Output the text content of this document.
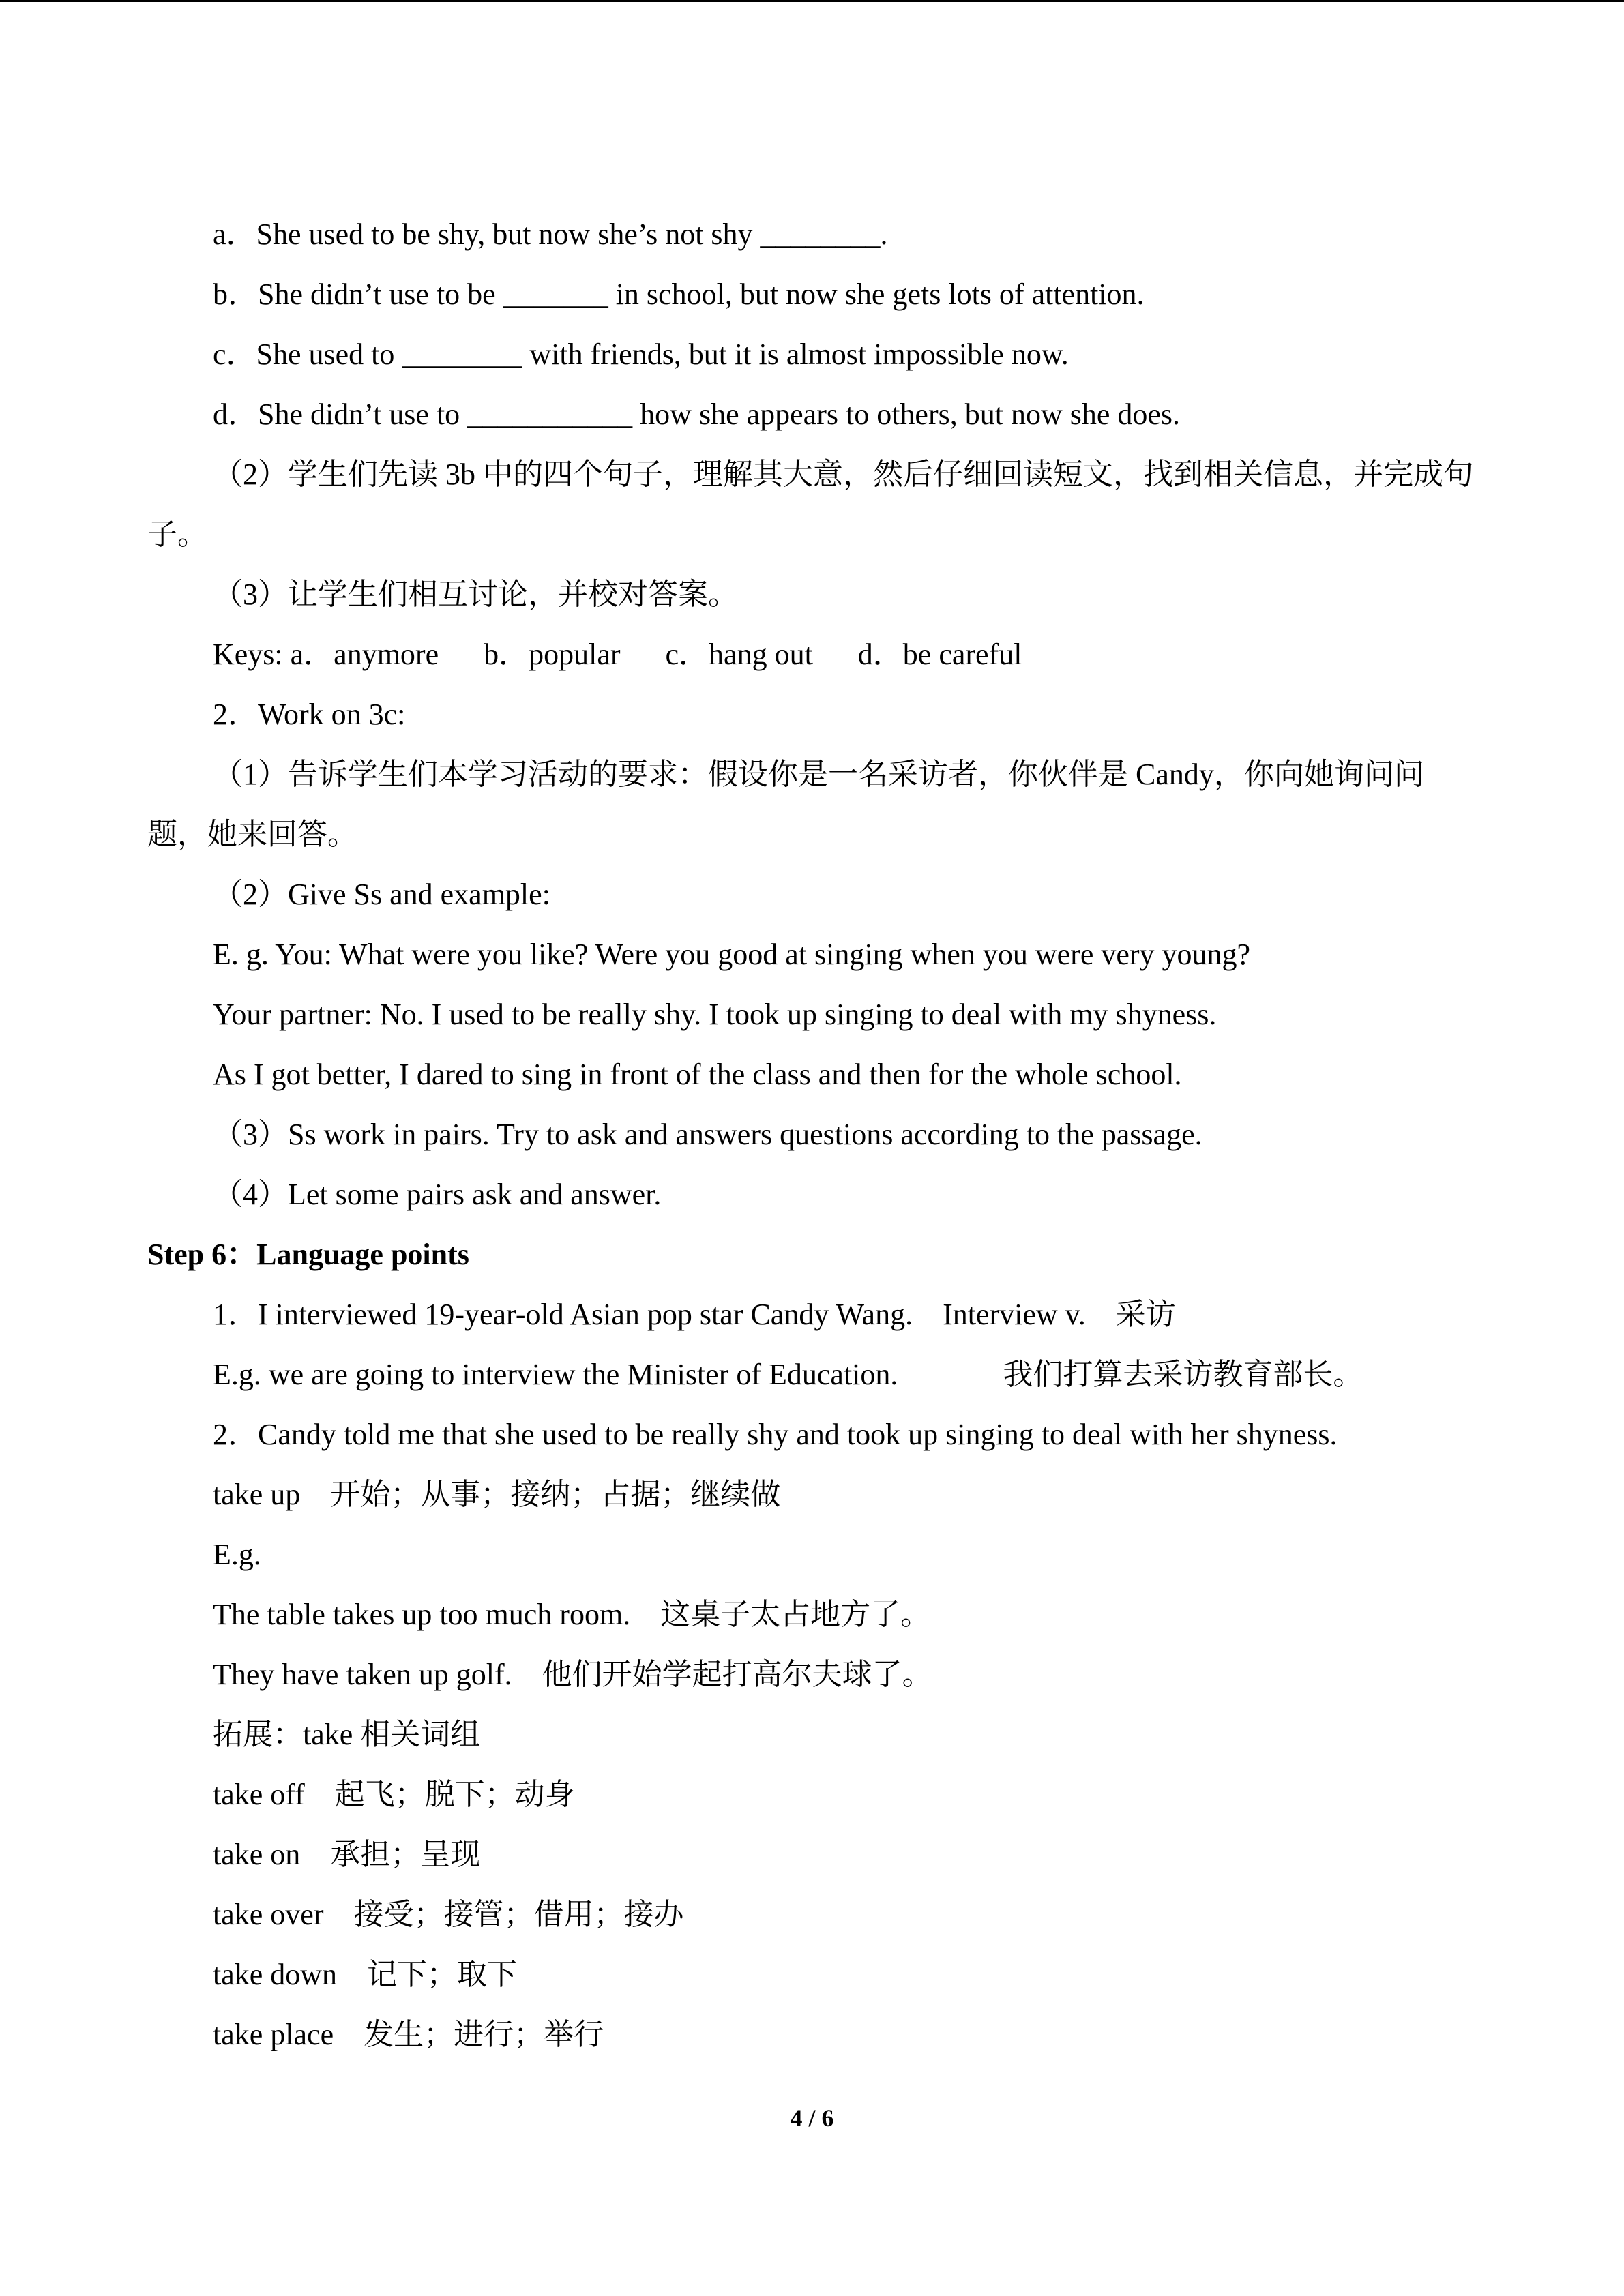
a．She used to be shy, but now she’s not shy ________.

b．She didn’t use to be _______ in school, but now she gets lots of attention.

c．She used to ________ with friends, but it is almost impossible now.

d．She didn’t use to ___________ how she appears to others, but now she does.

（2）学生们先读 3b 中的四个句子，理解其大意，然后仔细回读短文，找到相关信息，并完成句子。

（3）让学生们相互讨论，并校对答案。

Keys: a．anymore      b．popular      c．hang out      d．be careful

2．Work on 3c:

（1）告诉学生们本学习活动的要求：假设你是一名采访者，你伙伴是 Candy，你向她询问问题，她来回答。

（2）Give Ss and example:

E. g. You: What were you like? Were you good at singing when you were very young?

Your partner: No. I used to be really shy. I took up singing to deal with my shyness.

As I got better, I dared to sing in front of the class and then for the whole school.

（3）Ss work in pairs. Try to ask and answers questions according to the passage.

（4）Let some pairs ask and answer.

Step 6：Language points

1．I interviewed 19-year-old Asian pop star Candy Wang.    Interview v.    采访

E.g. we are going to interview the Minister of Education.              我们打算去采访教育部长。

2．Candy told me that she used to be really shy and took up singing to deal with her shyness.

take up    开始；从事；接纳；占据；继续做

E.g.

The table takes up too much room.    这桌子太占地方了。

They have taken up golf.    他们开始学起打高尔夫球了。

拓展：take 相关词组

take off    起飞；脱下；动身

take on    承担；呈现

take over    接受；接管；借用；接办

take down    记下；取下

take place    发生；进行；举行

4 / 6
